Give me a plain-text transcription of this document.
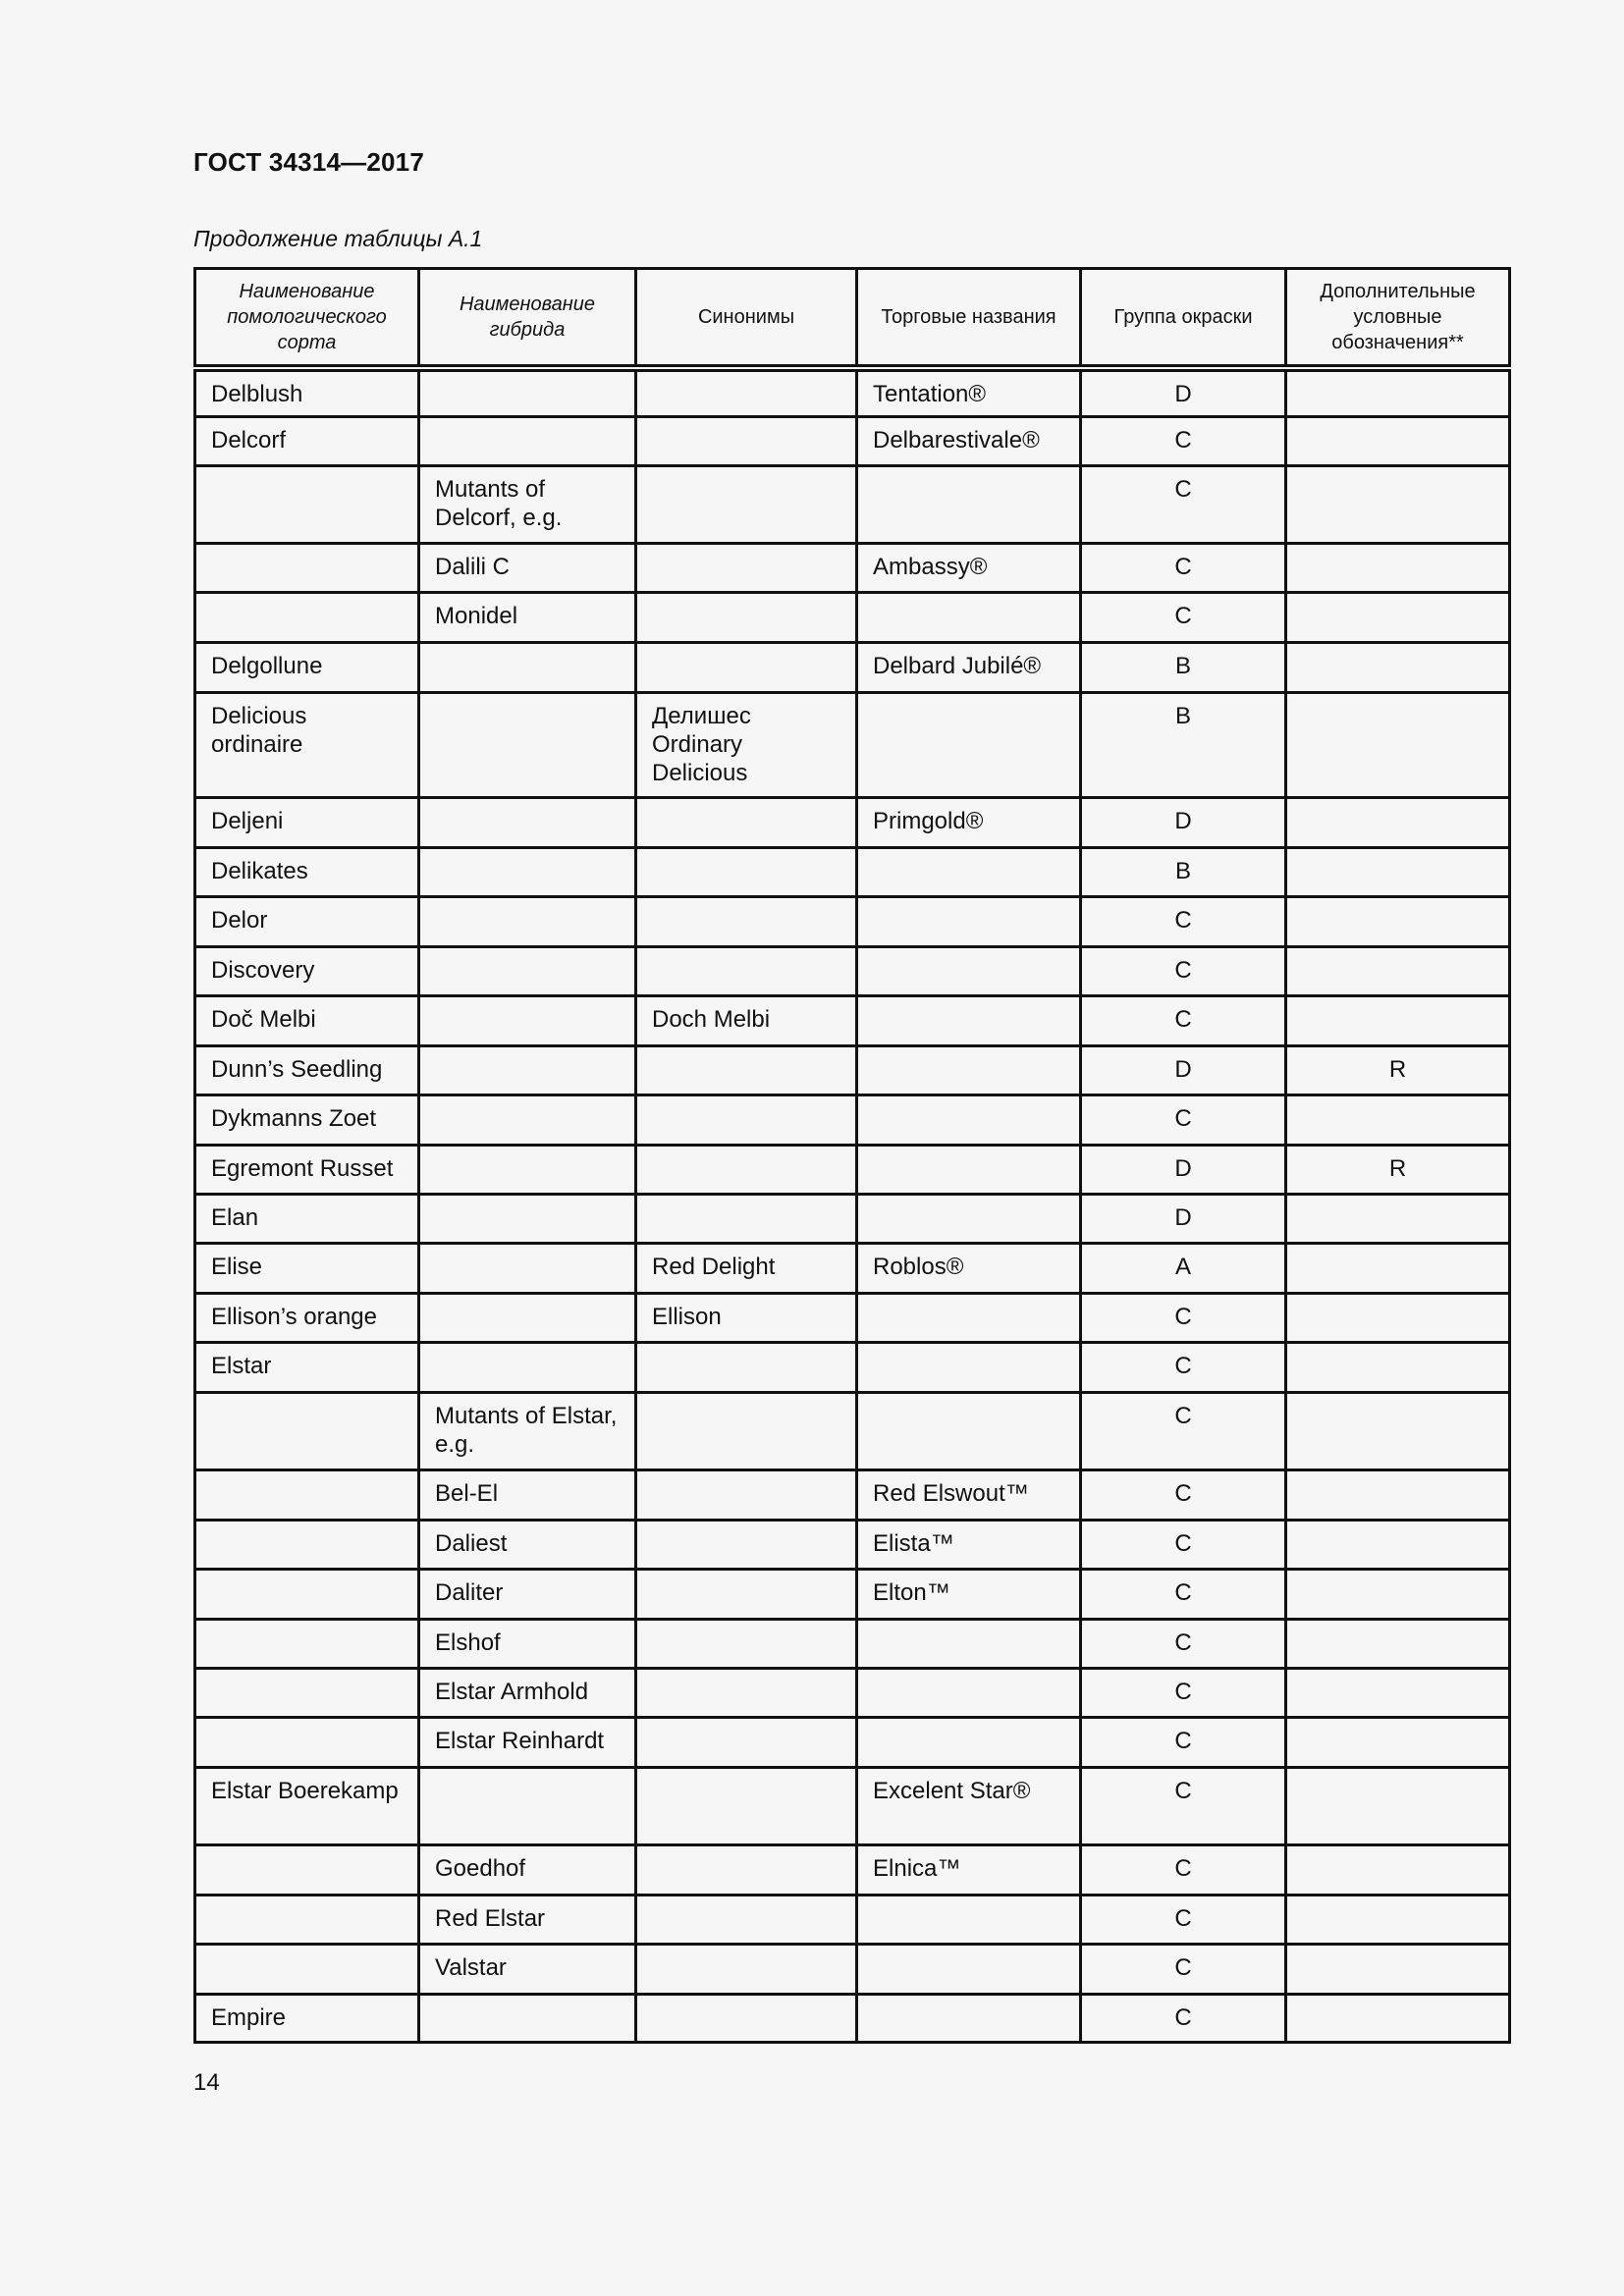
ГОСТ 34314—2017
Продолжение таблицы А.1
Наименование помологического сорта	Наименование гибрида	Синонимы	Торговые названия	Группа окраски	Дополнительные условные обозначения**

Delblush			Tentation®	D	

Delcorf			Delbarestivale®	C	

	Mutants of Delcorf, e.g.			C	

	Dalili C		Ambassy®	C	

	Monidel			C	

Delgollune			Delbard Jubilé®	B	

Delicious ordinaire		Делишес Ordinary Delicious		B	

Deljeni			Primgold®	D	

Delikates				B	

Delor				C	

Discovery				C	

Doč Melbi		Doch Melbi		C	

Dunn’s Seedling				D	R

Dykmanns Zoet				C	

Egremont Russet				D	R

Elan				D	

Elise		Red Delight	Roblos®	A	

Ellison’s orange		Ellison		C	

Elstar				C	

	Mutants of Elstar, e.g.			C	

	Bel-El		Red Elswout™	C	

	Daliest		Elista™	C	

	Daliter		Elton™	C	

	Elshof			C	

	Elstar Armhold			C	

	Elstar Reinhardt			C	

Elstar Boerekamp			Excelent Star®	C	

	Goedhof		Elnica™	C	

	Red Elstar			C	

	Valstar			C	

Empire				C	

14
